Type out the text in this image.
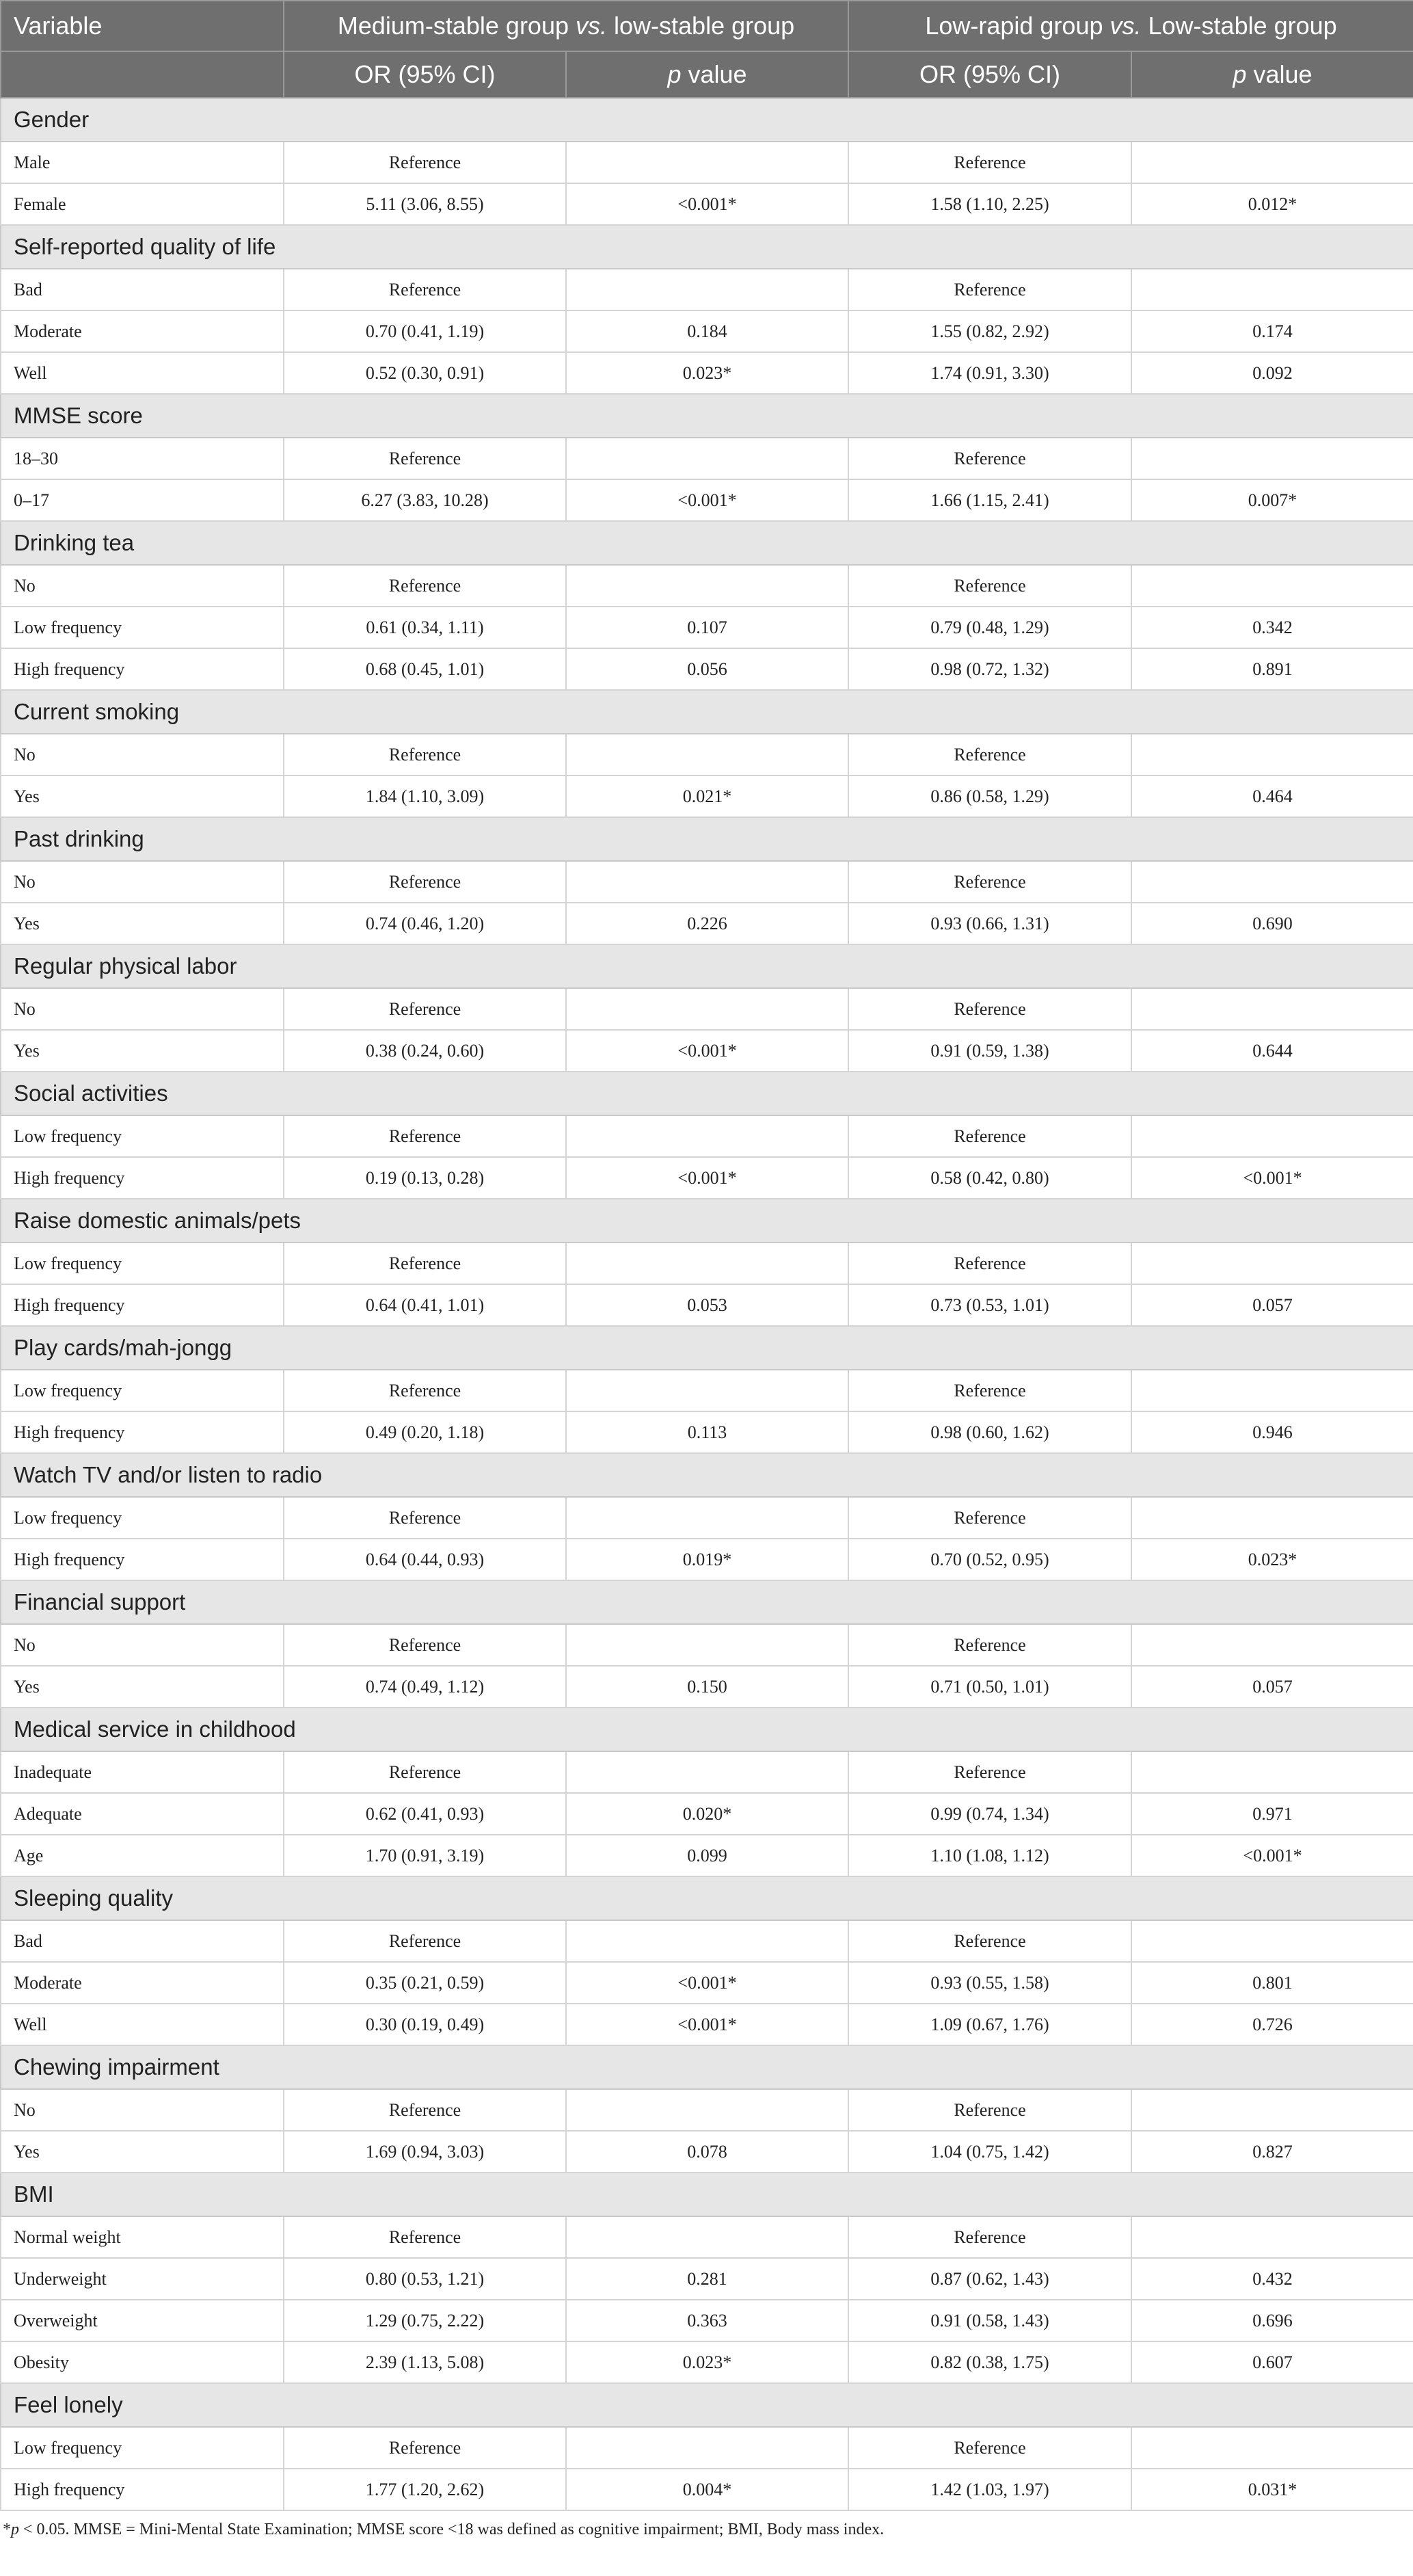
Variable	Medium-stable group vs. low-stable group		Low-rapid group vs. Low-stable group	
	OR (95% CI)	p value	OR (95% CI)	p value
Gender				
Male	Reference		Reference	
Female	5.11 (3.06, 8.55)	<0.001*	1.58 (1.10, 2.25)	0.012*
Self-reported quality of life				
Bad	Reference		Reference	
Moderate	0.70 (0.41, 1.19)	0.184	1.55 (0.82, 2.92)	0.174
Well	0.52 (0.30, 0.91)	0.023*	1.74 (0.91, 3.30)	0.092
MMSE score				
18–30	Reference		Reference	
0–17	6.27 (3.83, 10.28)	<0.001*	1.66 (1.15, 2.41)	0.007*
Drinking tea				
No	Reference		Reference	
Low frequency	0.61 (0.34, 1.11)	0.107	0.79 (0.48, 1.29)	0.342
High frequency	0.68 (0.45, 1.01)	0.056	0.98 (0.72, 1.32)	0.891
Current smoking				
No	Reference		Reference	
Yes	1.84 (1.10, 3.09)	0.021*	0.86 (0.58, 1.29)	0.464
Past drinking				
No	Reference		Reference	
Yes	0.74 (0.46, 1.20)	0.226	0.93 (0.66, 1.31)	0.690
Regular physical labor				
No	Reference		Reference	
Yes	0.38 (0.24, 0.60)	<0.001*	0.91 (0.59, 1.38)	0.644
Social activities				
Low frequency	Reference		Reference	
High frequency	0.19 (0.13, 0.28)	<0.001*	0.58 (0.42, 0.80)	<0.001*
Raise domestic animals/pets				
Low frequency	Reference		Reference	
High frequency	0.64 (0.41, 1.01)	0.053	0.73 (0.53, 1.01)	0.057
Play cards/mah-jongg				
Low frequency	Reference		Reference	
High frequency	0.49 (0.20, 1.18)	0.113	0.98 (0.60, 1.62)	0.946
Watch TV and/or listen to radio				
Low frequency	Reference		Reference	
High frequency	0.64 (0.44, 0.93)	0.019*	0.70 (0.52, 0.95)	0.023*
Financial support				
No	Reference		Reference	
Yes	0.74 (0.49, 1.12)	0.150	0.71 (0.50, 1.01)	0.057
Medical service in childhood				
Inadequate	Reference		Reference	
Adequate	0.62 (0.41, 0.93)	0.020*	0.99 (0.74, 1.34)	0.971
Age	1.70 (0.91, 3.19)	0.099	1.10 (1.08, 1.12)	<0.001*
Sleeping quality				
Bad	Reference		Reference	
Moderate	0.35 (0.21, 0.59)	<0.001*	0.93 (0.55, 1.58)	0.801
Well	0.30 (0.19, 0.49)	<0.001*	1.09 (0.67, 1.76)	0.726
Chewing impairment				
No	Reference		Reference	
Yes	1.69 (0.94, 3.03)	0.078	1.04 (0.75, 1.42)	0.827
BMI				
Normal weight	Reference		Reference	
Underweight	0.80 (0.53, 1.21)	0.281	0.87 (0.62, 1.43)	0.432
Overweight	1.29 (0.75, 2.22)	0.363	0.91 (0.58, 1.43)	0.696
Obesity	2.39 (1.13, 5.08)	0.023*	0.82 (0.38, 1.75)	0.607
Feel lonely				
Low frequency	Reference		Reference	
High frequency	1.77 (1.20, 2.62)	0.004*	1.42 (1.03, 1.97)	0.031*
*p < 0.05. MMSE = Mini-Mental State Examination; MMSE score <18 was defined as cognitive impairment; BMI, Body mass index.
